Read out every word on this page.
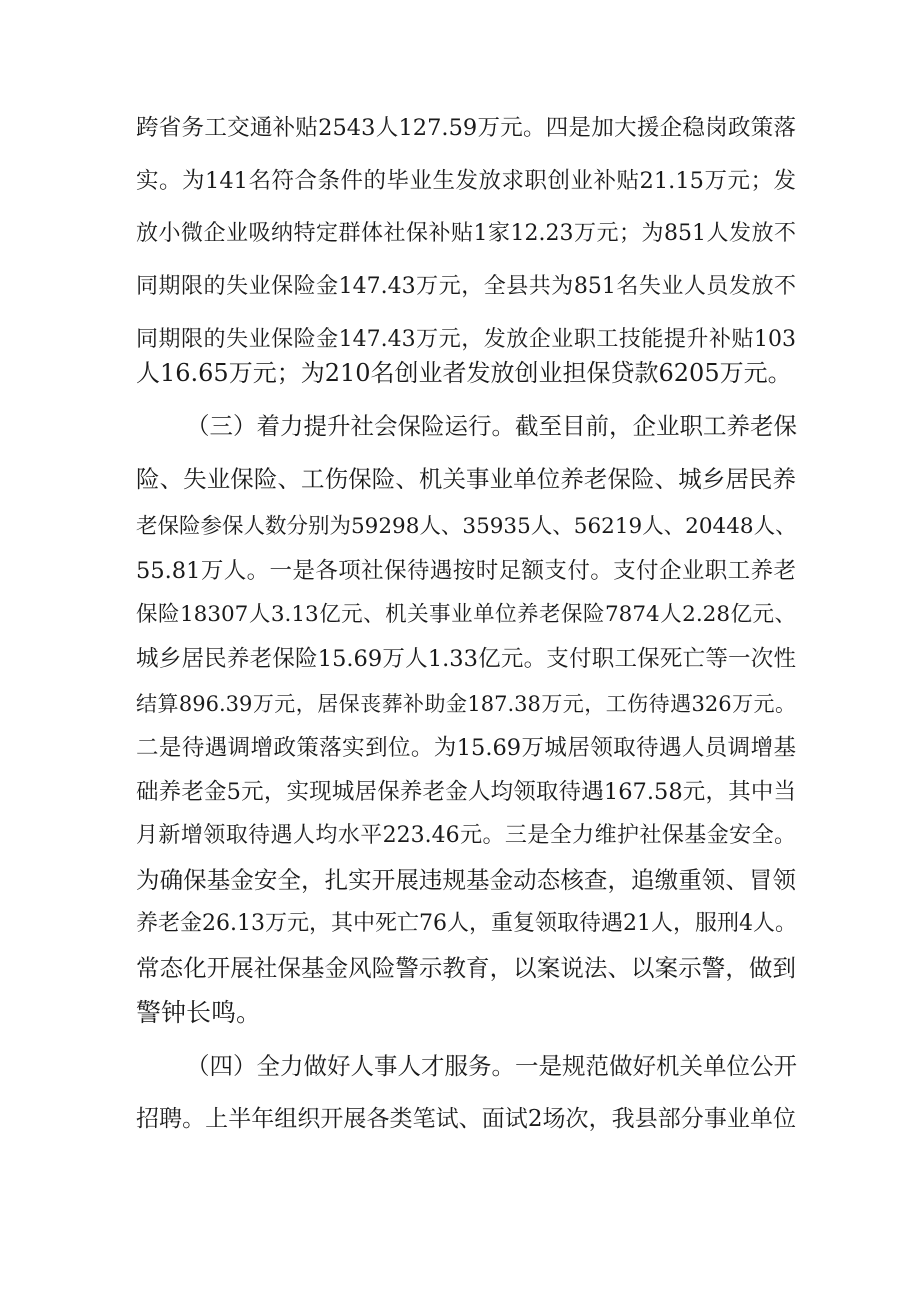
跨省务工交通补贴2543人127.59万元。四是加大援企稳岗政策落
实。为141名符合条件的毕业生发放求职创业补贴21.15万元；发
放小微企业吸纳特定群体社保补贴1家12.23万元；为851人发放不
同期限的失业保险金147.43万元，全县共为851名失业人员发放不
同期限的失业保险金147.43万元，发放企业职工技能提升补贴103
人16.65万元；为210名创业者发放创业担保贷款6205万元。
（三）着力提升社会保险运行。截至目前，企业职工养老保
险、失业保险、工伤保险、机关事业单位养老保险、城乡居民养
老保险参保人数分别为59298人、35935人、56219人、20448人、
55.81万人。一是各项社保待遇按时足额支付。支付企业职工养老
保险18307人3.13亿元、机关事业单位养老保险7874人2.28亿元、
城乡居民养老保险15.69万人1.33亿元。支付职工保死亡等一次性
结算896.39万元，居保丧葬补助金187.38万元，工伤待遇326万元。
二是待遇调增政策落实到位。为15.69万城居领取待遇人员调增基
础养老金5元，实现城居保养老金人均领取待遇167.58元，其中当
月新增领取待遇人均水平223.46元。三是全力维护社保基金安全。
为确保基金安全，扎实开展违规基金动态核查，追缴重领、冒领
养老金26.13万元，其中死亡76人，重复领取待遇21人，服刑4人。
常态化开展社保基金风险警示教育，以案说法、以案示警，做到
警钟长鸣。
（四）全力做好人事人才服务。一是规范做好机关单位公开
招聘。上半年组织开展各类笔试、面试2场次，我县部分事业单位
